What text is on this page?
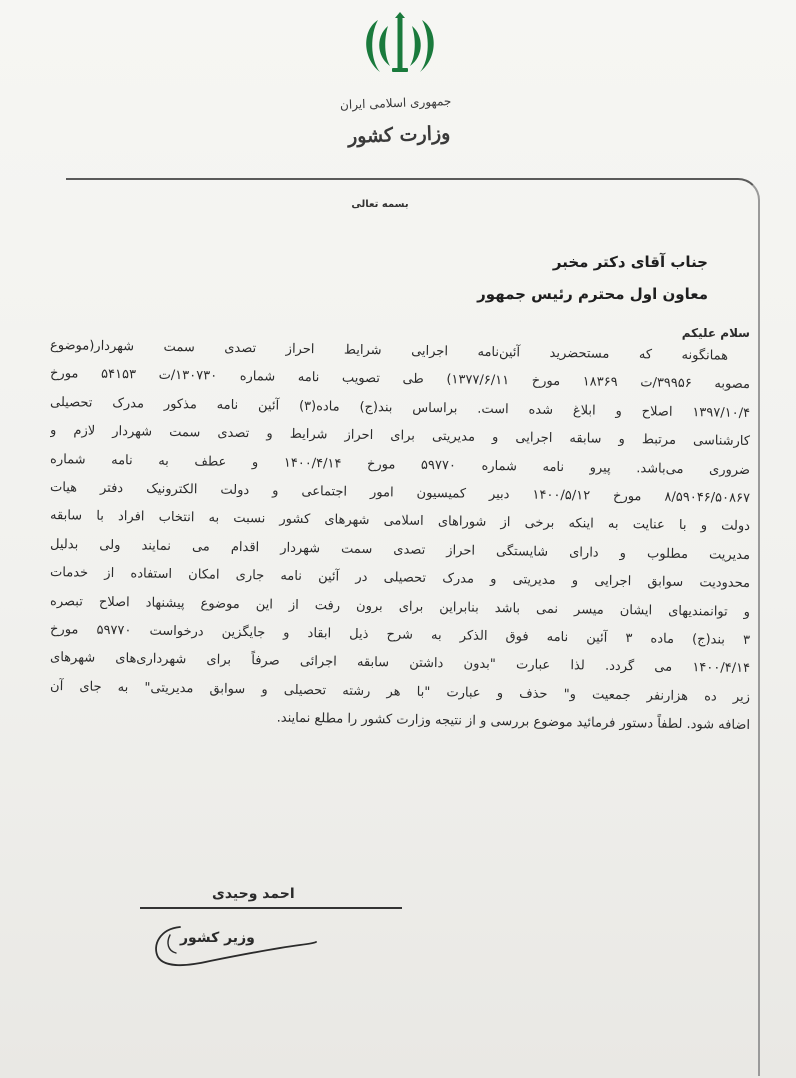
جمهوری اسلامی ایران
وزارت کشور
بسمه تعالی
جناب آقای دکتر مخبر
معاون اول محترم رئیس جمهور
سلام علیکم
همانگونه که مستحضرید آئین‌نامه اجرایی شرایط احراز تصدی سمت شهردار(موضوع
مصوبه ۳۹۹۵۶/ت ۱۸۳۶۹ مورخ ۱۳۷۷/۶/۱۱) طی تصویب نامه شماره ۱۳۰۷۳۰/ت ۵۴۱۵۳ مورخ
۱۳۹۷/۱۰/۴ اصلاح و ابلاغ شده است. براساس بند(ج) ماده(۳) آئین نامه مذکور مدرک تحصیلی
کارشناسی مرتبط و سابقه اجرایی و مدیریتی برای احراز شرایط و تصدی سمت شهردار لازم و
ضروری می‌باشد. پیرو نامه شماره ۵۹۷۷۰ مورخ ۱۴۰۰/۴/۱۴ و عطف به نامه شماره
۸/۵۹۰۴۶/۵۰۸۶۷ مورخ ۱۴۰۰/۵/۱۲ دبیر کمیسیون امور اجتماعی و دولت الکترونیک دفتر هیات
دولت و با عنایت به اینکه برخی از شوراهای اسلامی شهرهای کشور نسبت به انتخاب افراد با سابقه
مدیریت مطلوب و دارای شایستگی احراز تصدی سمت شهردار اقدام می نمایند ولی بدلیل
محدودیت سوابق اجرایی و مدیریتی و مدرک تحصیلی در آئین نامه جاری امکان استفاده از خدمات
و توانمندیهای ایشان میسر نمی باشد بنابراین برای برون رفت از این موضوع پیشنهاد اصلاح تبصره
۳ بند(ج) ماده ۳ آئین نامه فوق الذکر به شرح ذیل ابقاد و جایگزین درخواست ۵۹۷۷۰ مورخ
۱۴۰۰/۴/۱۴ می گردد. لذا عبارت "بدون داشتن سابقه اجرائی صرفاً برای شهرداری‌های شهرهای
زیر ده هزارنفر جمعیت و" حذف و عبارت "با هر رشته تحصیلی و سوابق مدیریتی" به جای آن
اضافه شود. لطفاً دستور فرمائید موضوع بررسی و از نتیجه وزارت کشور را مطلع نمایند.
احمد وحیدی
وزیر کشور
